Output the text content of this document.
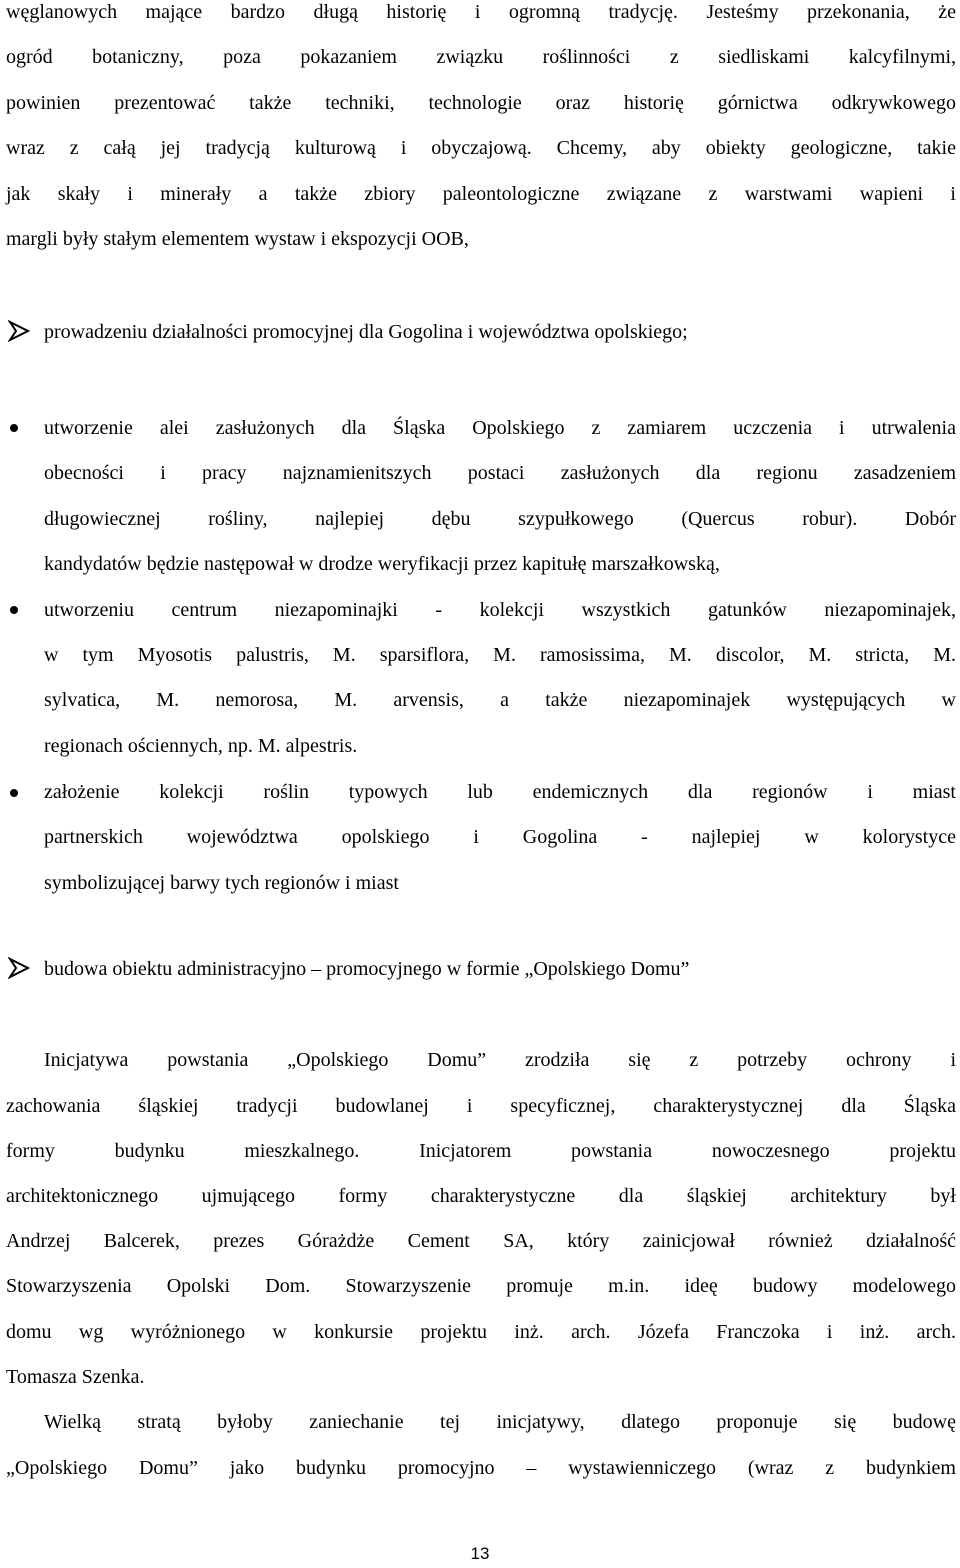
węglanowych mające bardzo długą historię i ogromną tradycję. Jesteśmy przekonania, że
ogród botaniczny, poza pokazaniem związku roślinności z siedliskami kalcyfilnymi,
powinien prezentować także techniki, technologie oraz historię górnictwa odkrywkowego
wraz z całą jej tradycją kulturową i obyczajową. Chcemy, aby obiekty geologiczne, takie
jak skały i minerały a także zbiory paleontologiczne związane z warstwami wapieni i
margli były stałym elementem wystaw i ekspozycji OOB,
prowadzeniu działalności promocyjnej dla Gogolina i województwa opolskiego;
utworzenie alei zasłużonych dla Śląska Opolskiego z zamiarem uczczenia i utrwalenia
obecności i pracy najznamienitszych postaci zasłużonych dla regionu zasadzeniem
długowiecznej rośliny, najlepiej dębu szypułkowego (Quercus robur). Dobór
kandydatów będzie następował w drodze weryfikacji przez kapitułę marszałkowską,
utworzeniu centrum niezapominajki - kolekcji wszystkich gatunków niezapominajek,
w tym Myosotis palustris, M. sparsiflora, M. ramosissima, M. discolor, M. stricta, M.
sylvatica, M. nemorosa, M. arvensis, a także niezapominajek występujących w
regionach ościennych, np. M. alpestris.
założenie kolekcji roślin typowych lub endemicznych dla regionów i miast
partnerskich województwa opolskiego i Gogolina - najlepiej w kolorystyce
symbolizującej barwy tych regionów i miast
budowa obiektu administracyjno – promocyjnego w formie „Opolskiego Domu”
Inicjatywa powstania „Opolskiego Domu” zrodziła się z potrzeby ochrony i
zachowania śląskiej tradycji budowlanej i specyficznej, charakterystycznej dla Śląska
formy budynku mieszkalnego. Inicjatorem powstania nowoczesnego projektu
architektonicznego ujmującego formy charakterystyczne dla śląskiej architektury był
Andrzej Balcerek, prezes Górażdże Cement SA, który zainicjował również działalność
Stowarzyszenia Opolski Dom. Stowarzyszenie promuje m.in. ideę budowy modelowego
domu wg wyróżnionego w konkursie projektu inż. arch. Józefa Franczoka i inż. arch.
Tomasza Szenka.
Wielką stratą byłoby zaniechanie tej inicjatywy, dlatego proponuje się budowę
„Opolskiego Domu” jako budynku promocyjno – wystawienniczego (wraz z budynkiem
13
